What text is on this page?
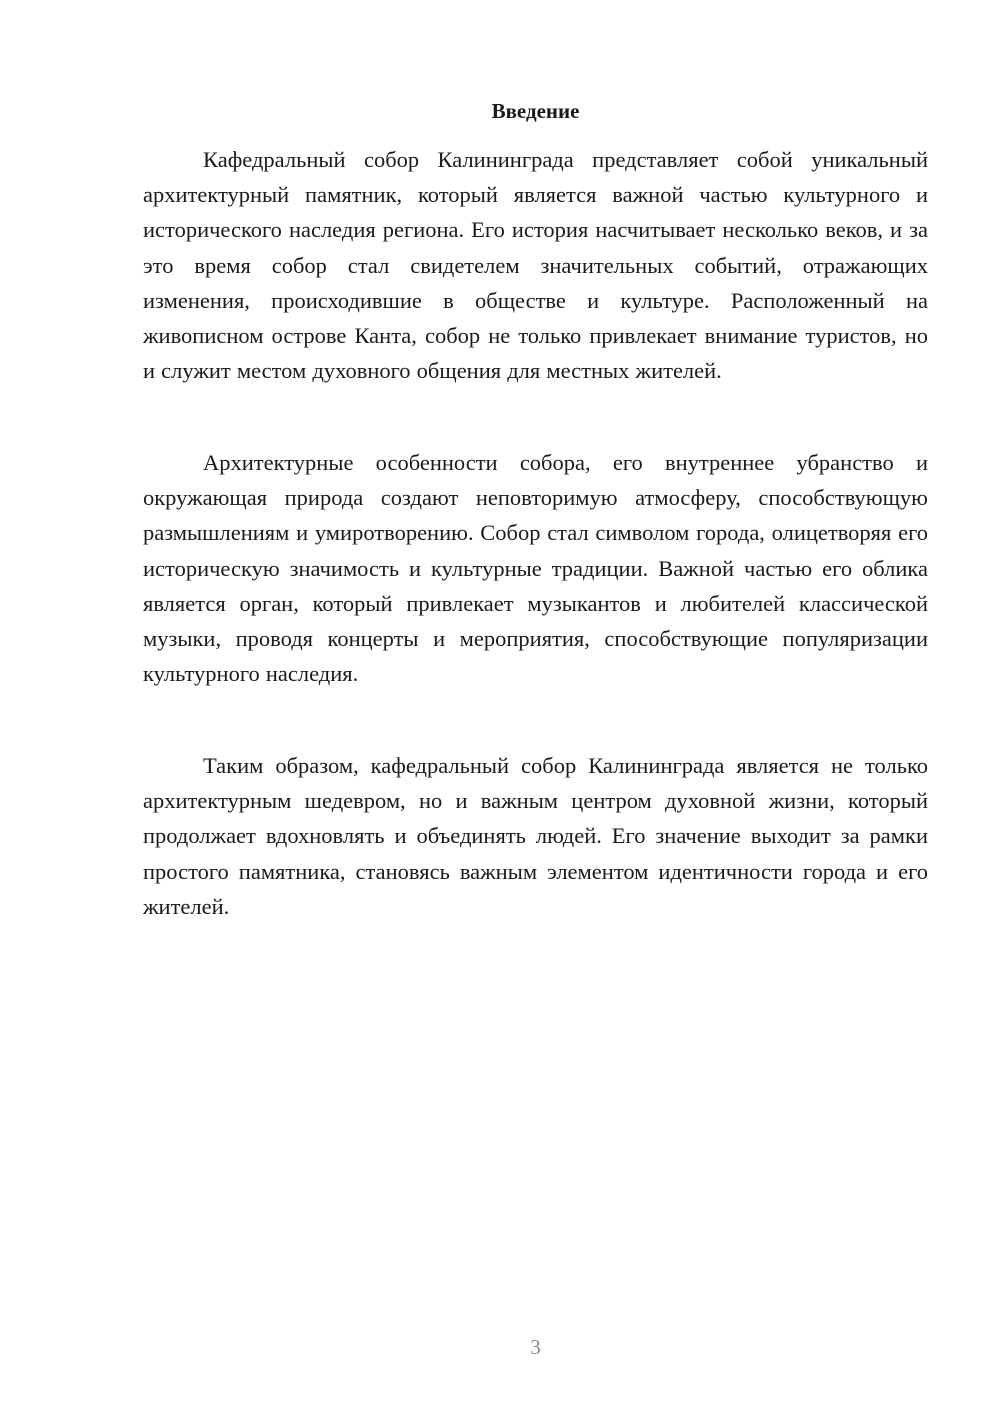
Введение

Кафедральный собор Калининграда представляет собой уникальный архитектурный памятник, который является важной частью культурного и исторического наследия региона. Его история насчитывает несколько веков, и за это время собор стал свидетелем значительных событий, отражающих изменения, происходившие в обществе и культуре. Расположенный на живописном острове Канта, собор не только привлекает внимание туристов, но и служит местом духовного общения для местных жителей.

Архитектурные особенности собора, его внутреннее убранство и окружающая природа создают неповторимую атмосферу, способствующую размышлениям и умиротворению. Собор стал символом города, олицетворяя его историческую значимость и культурные традиции. Важной частью его облика является орган, который привлекает музыкантов и любителей классической музыки, проводя концерты и мероприятия, способствующие популяризации культурного наследия.

Таким образом, кафедральный собор Калининграда является не только архитектурным шедевром, но и важным центром духовной жизни, который продолжает вдохновлять и объединять людей. Его значение выходит за рамки простого памятника, становясь важным элементом идентичности города и его жителей.

3
